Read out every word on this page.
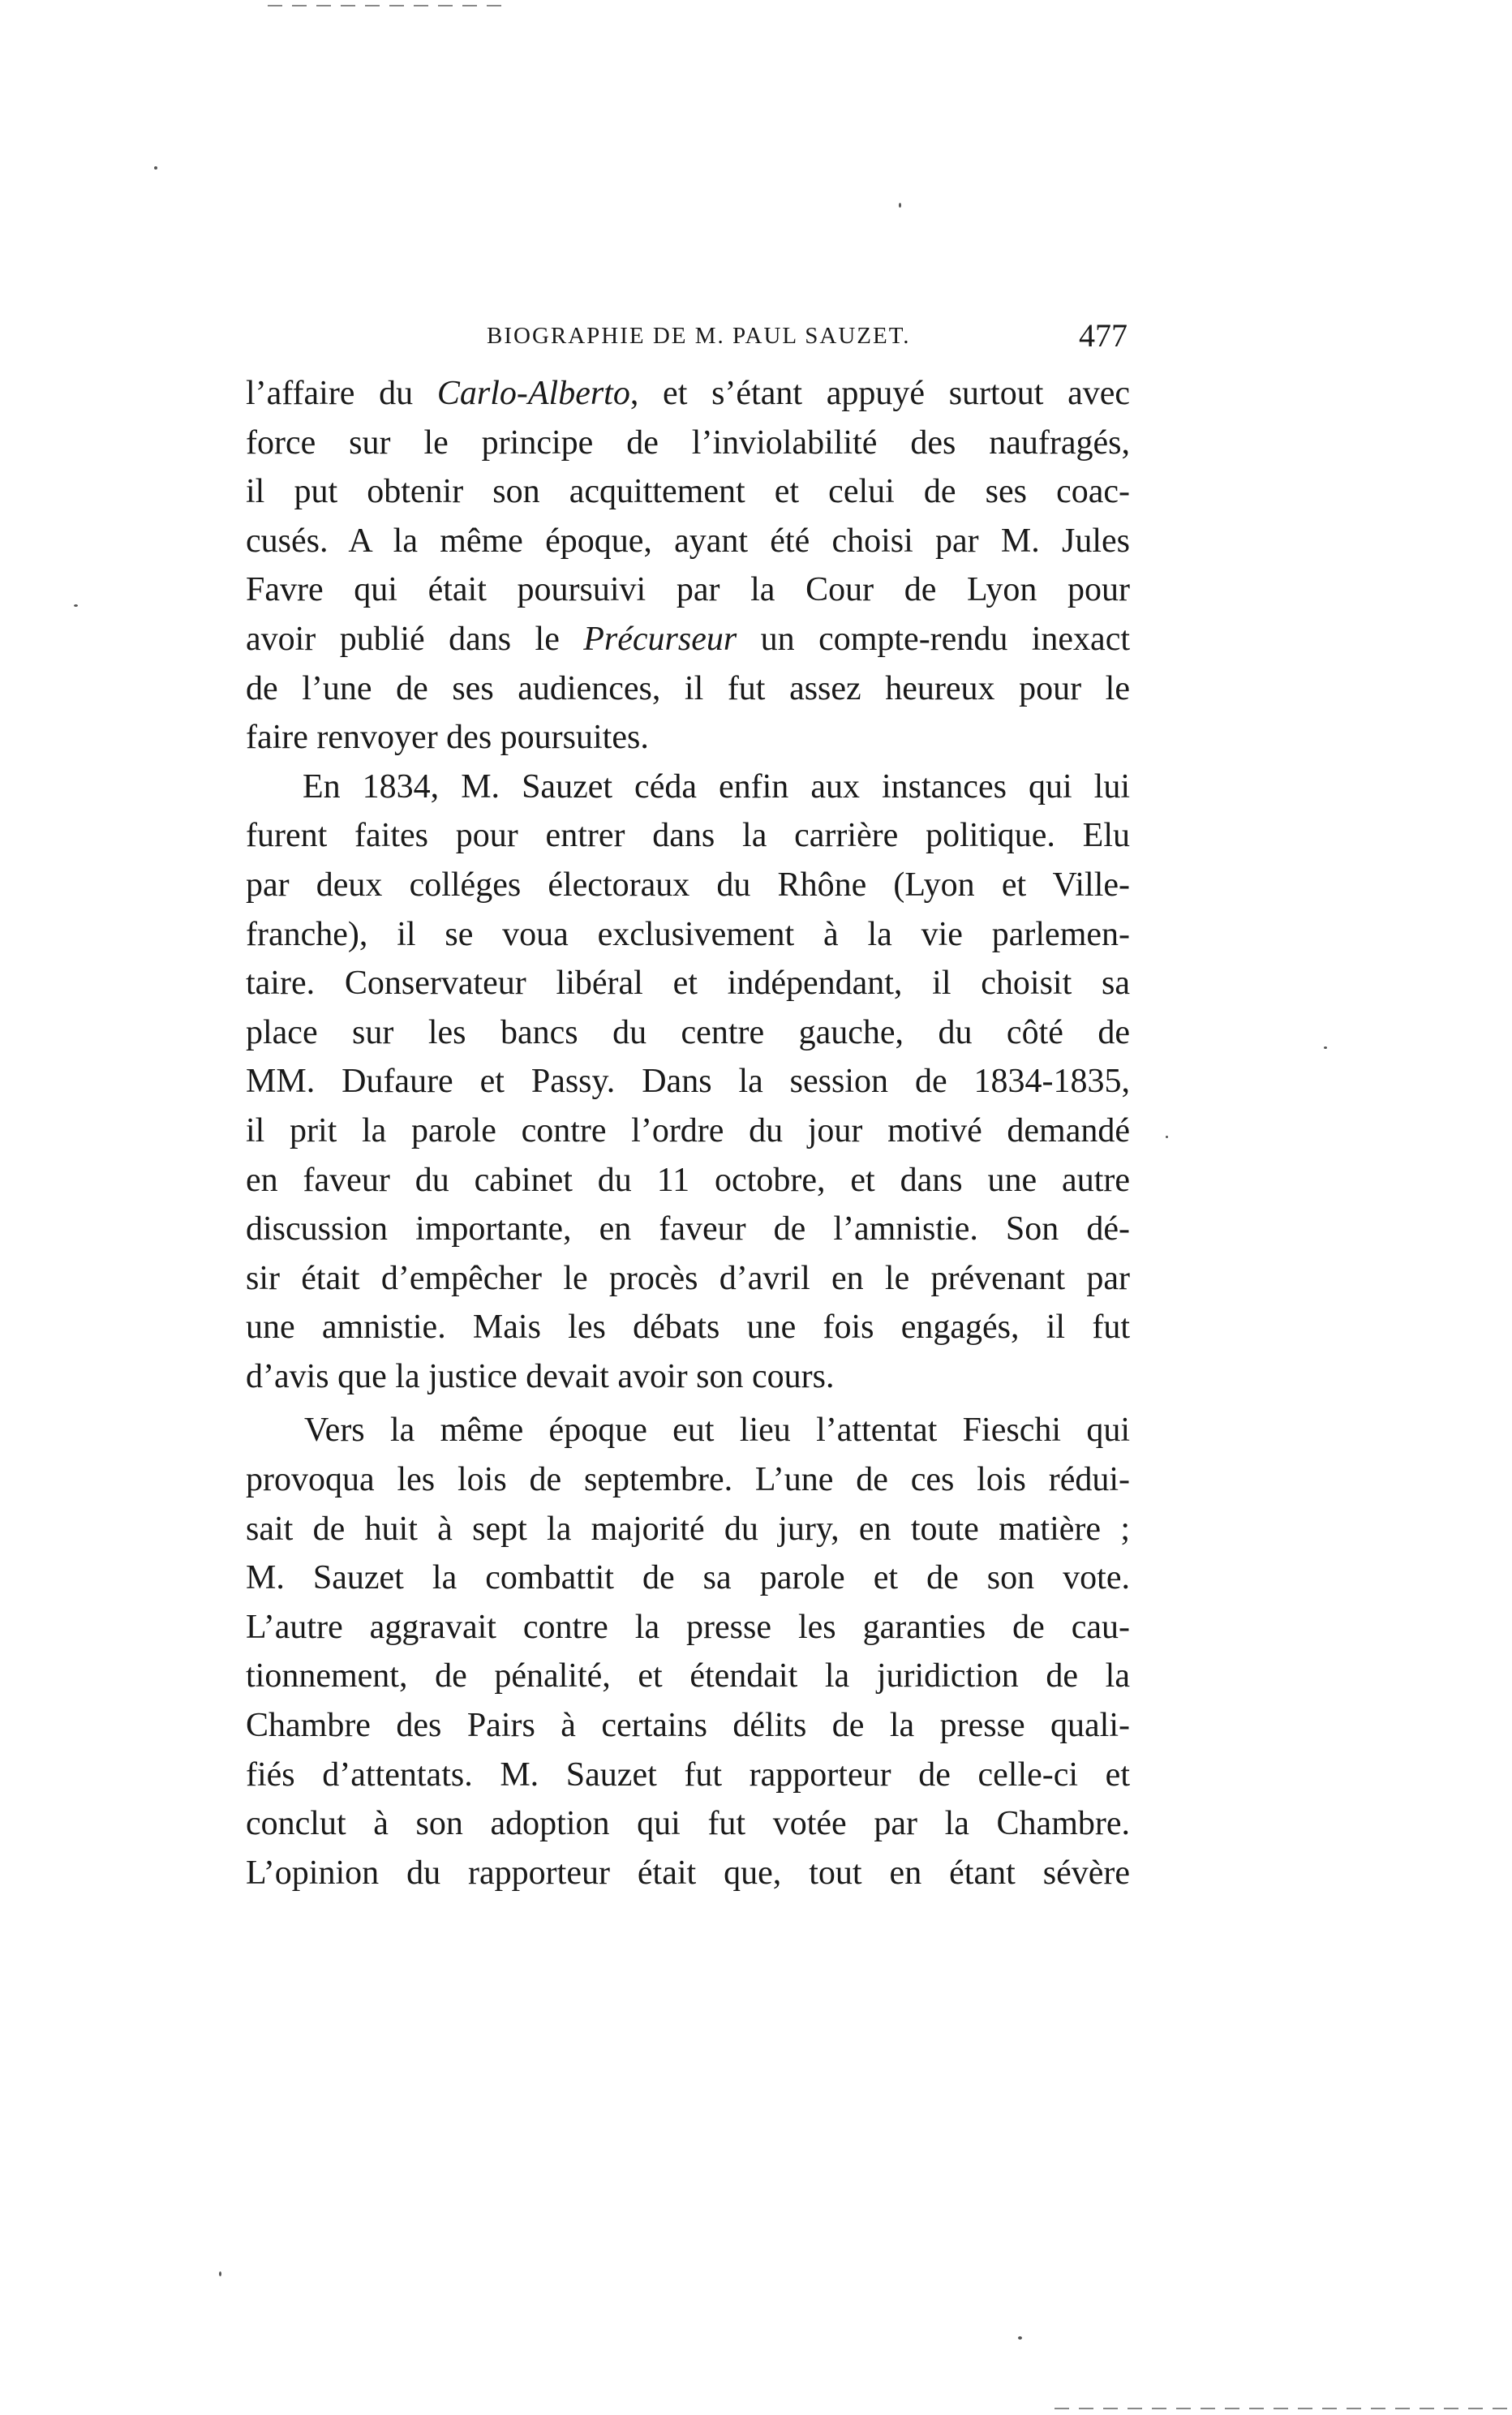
BIOGRAPHIE DE M. PAUL SAUZET.	477
l’affaire du Carlo-Alberto, et s’étant appuyé surtout avec
force sur le principe de l’inviolabilité des naufragés,
il put obtenir son acquittement et celui de ses coac-
cusés. A la même époque, ayant été choisi par M. Jules
Favre qui était poursuivi par la Cour de Lyon pour
avoir publié dans le Précurseur un compte-rendu inexact
de l’une de ses audiences, il fut assez heureux pour le
faire renvoyer des poursuites.
En 1834, M. Sauzet céda enfin aux instances qui lui
furent faites pour entrer dans la carrière politique. Elu
par deux colléges électoraux du Rhône (Lyon et Ville-
franche), il se voua exclusivement à la vie parlemen-
taire. Conservateur libéral et indépendant, il choisit sa
place sur les bancs du centre gauche, du côté de
MM. Dufaure et Passy. Dans la session de 1834-1835,
il prit la parole contre l’ordre du jour motivé demandé
en faveur du cabinet du 11 octobre, et dans une autre
discussion importante, en faveur de l’amnistie. Son dé-
sir était d’empêcher le procès d’avril en le prévenant par
une amnistie. Mais les débats une fois engagés, il fut
d’avis que la justice devait avoir son cours.
Vers la même époque eut lieu l’attentat Fieschi qui
provoqua les lois de septembre. L’une de ces lois rédui-
sait de huit à sept la majorité du jury, en toute matière ;
M. Sauzet la combattit de sa parole et de son vote.
L’autre aggravait contre la presse les garanties de cau-
tionnement, de pénalité, et étendait la juridiction de la
Chambre des Pairs à certains délits de la presse quali-
fiés d’attentats. M. Sauzet fut rapporteur de celle-ci et
conclut à son adoption qui fut votée par la Chambre.
L’opinion du rapporteur était que, tout en étant sévère
